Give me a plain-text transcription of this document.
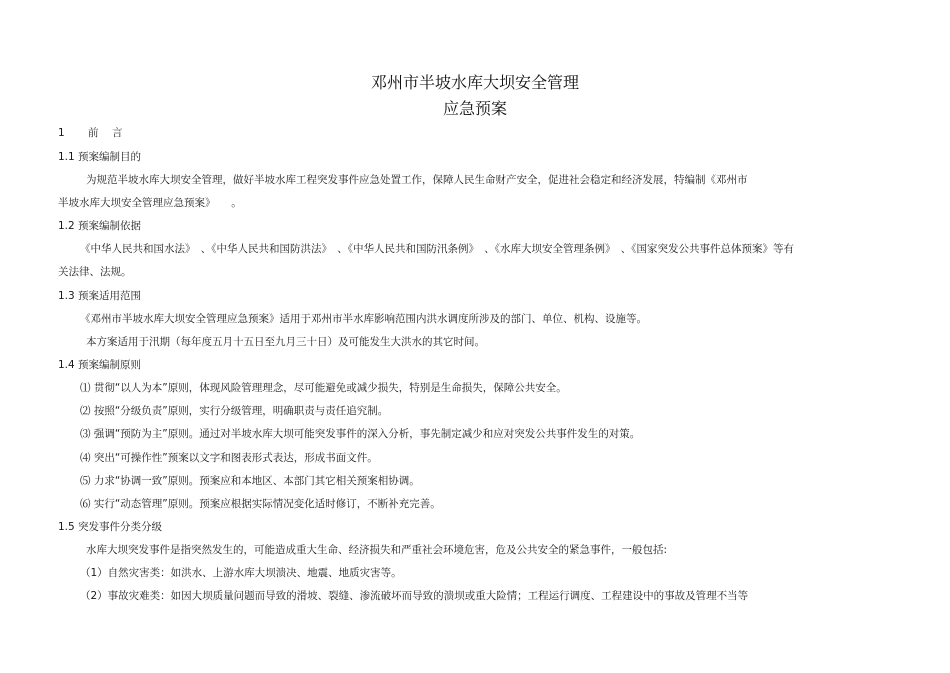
邓州市半坡水库大坝安全管理
应急预案
1 前 言
1.1 预案编制目的
为规范半坡水库大坝安全管理，做好半坡水库工程突发事件应急处置工作，保障人民生命财产安全，促进社会稳定和经济发展，特编制《邓州市
半坡水库大坝安全管理应急预案》　　。
1.2 预案编制依据
《中华人民共和国水法》　、《中华人民共和国防洪法》　、《中华人民共和国防汛条例》　、《水库大坝安全管理条例》　、《国家突发公共事件总体预案》等有
关法律、法规。
1.3 预案适用范围
《邓州市半坡水库大坝安全管理应急预案》适用于邓州市半水库影响范围内洪水调度所涉及的部门、单位、机构、设施等。
本方案适用于汛期（每年度五月十五日至九月三十日）及可能发生大洪水的其它时间。
1.4 预案编制原则
⑴ 贯彻“以人为本”原则，体现风险管理理念，尽可能避免或减少损失，特别是生命损失，保障公共安全。
⑵ 按照“分级负责”原则，实行分级管理，明确职责与责任追究制。
⑶ 强调“预防为主”原则。通过对半坡水库大坝可能突发事件的深入分析，事先制定减少和应对突发公共事件发生的对策。
⑷ 突出“可操作性”预案以文字和图表形式表达，形成书面文件。
⑸ 力求“协调一致”原则。预案应和本地区、本部门其它相关预案相协调。
⑹ 实行“动态管理”原则。预案应根据实际情况变化适时修订，不断补充完善。
1.5 突发事件分类分级
水库大坝突发事件是指突然发生的，可能造成重大生命、经济损失和严重社会环境危害，危及公共安全的紧急事件，一般包括:
（1）自然灾害类：如洪水、上游水库大坝溃决、地震、地质灾害等。
（2）事故灾难类：如因大坝质量问题而导致的滑坡、裂缝、渗流破坏而导致的溃坝或重大险情；工程运行调度、工程建设中的事故及管理不当等
